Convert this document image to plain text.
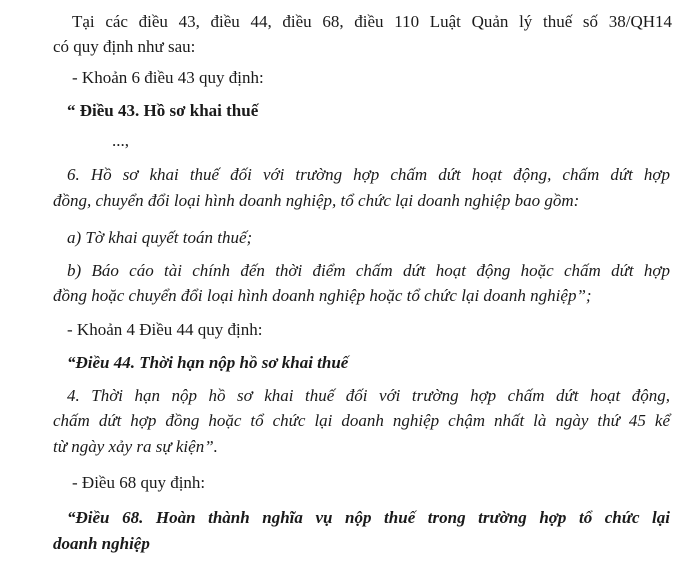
Tại các điều 43, điều 44, điều 68, điều 110 Luật Quản lý thuế số 38/QH14

có quy định như sau:

- Khoản 6 điều 43 quy định:

“ Điều 43. Hồ sơ khai thuế

...,

6. Hồ sơ khai thuế đối với trường hợp chấm dứt hoạt động, chấm dứt hợp

đồng, chuyển đổi loại hình doanh nghiệp, tổ chức lại doanh nghiệp bao gồm:

a) Tờ khai quyết toán thuế;

b) Báo cáo tài chính đến thời điểm chấm dứt hoạt động hoặc chấm dứt hợp

đồng hoặc chuyển đổi loại hình doanh nghiệp hoặc tổ chức lại doanh nghiệp”;

- Khoản 4 Điều 44 quy định:

“Điều 44. Thời hạn nộp hồ sơ khai thuế

4. Thời hạn nộp hồ sơ khai thuế đối với trường hợp chấm dứt hoạt động,

chấm dứt hợp đồng hoặc tổ chức lại doanh nghiệp chậm nhất là ngày thứ 45 kể

từ ngày xảy ra sự kiện”.

- Điều 68 quy định:

“Điều 68. Hoàn thành nghĩa vụ nộp thuế trong trường hợp tổ chức lại

doanh nghiệp
